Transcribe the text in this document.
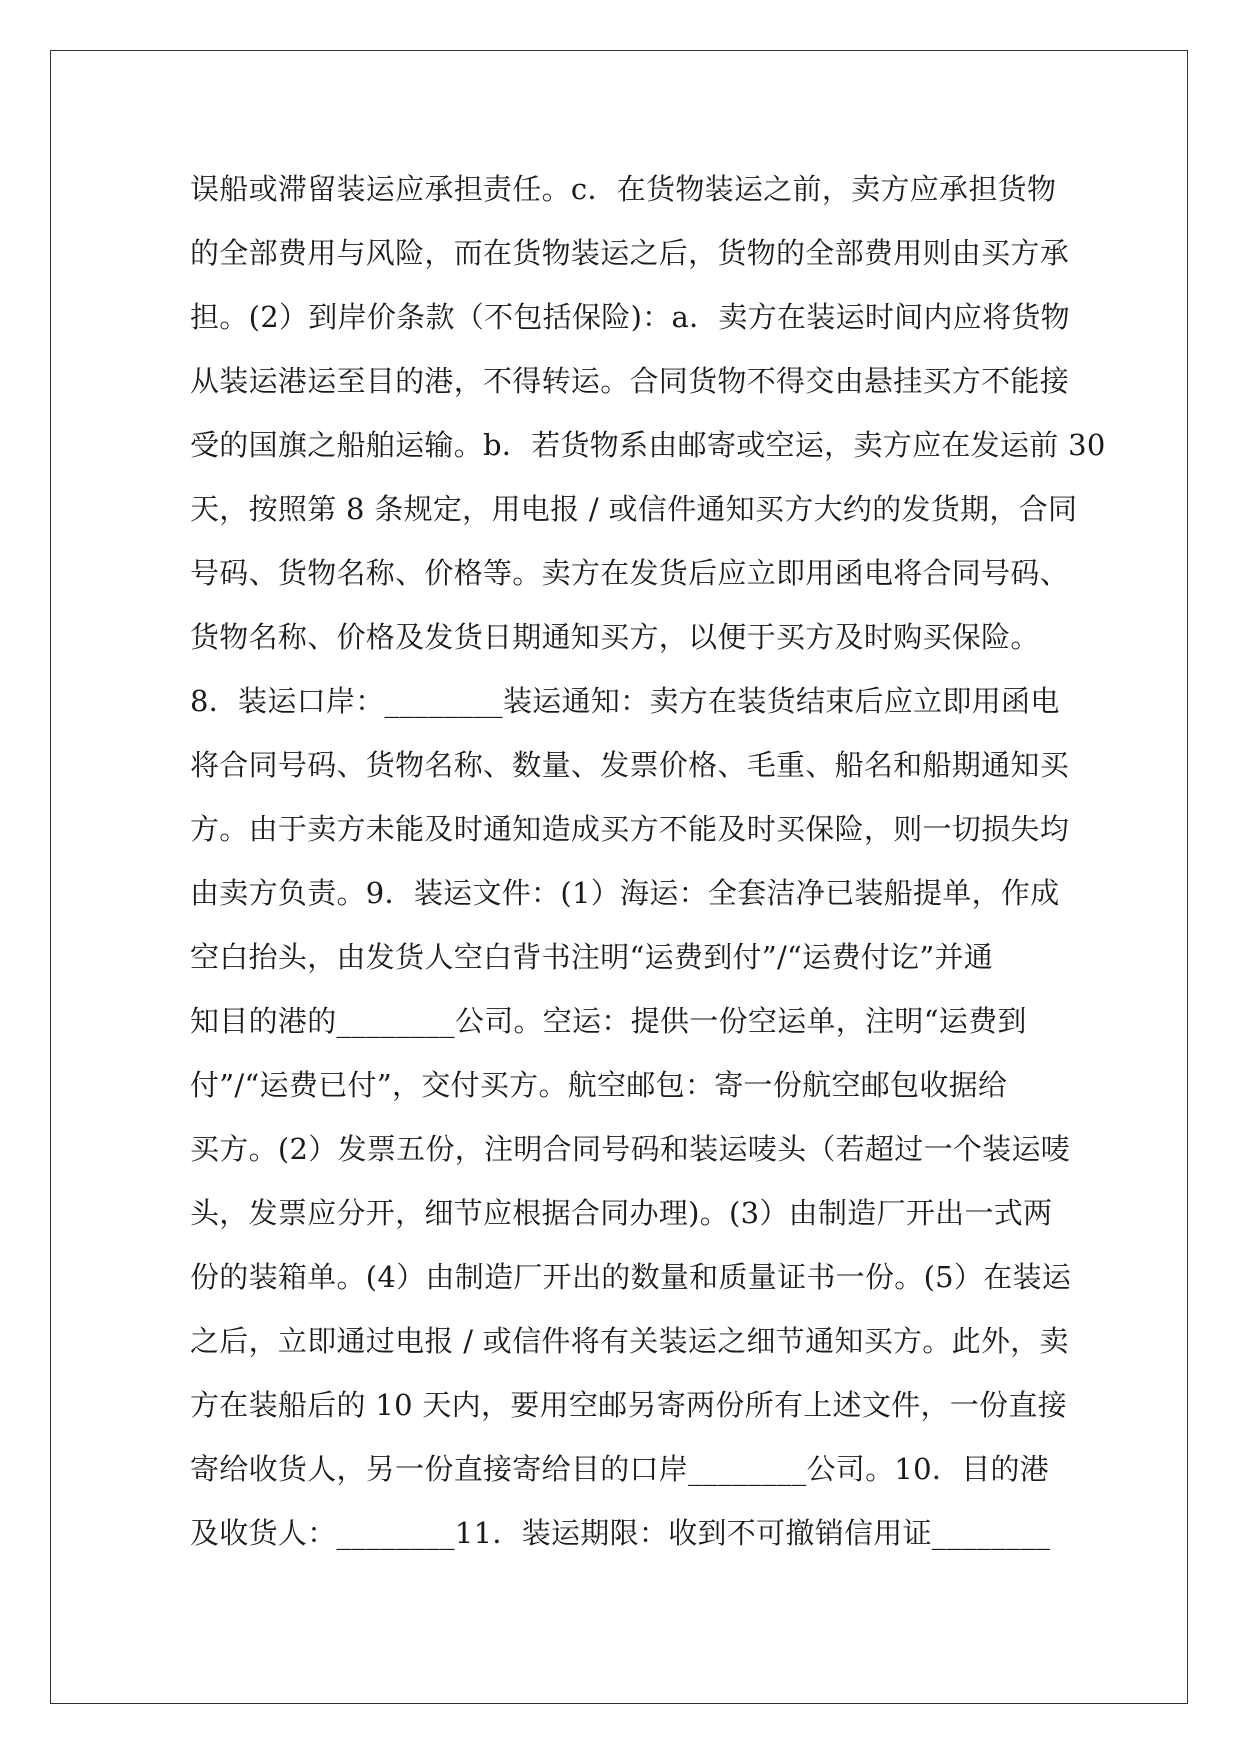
误船或滞留装运应承担责任。c．在货物装运之前，卖方应承担货物
的全部费用与风险，而在货物装运之后，货物的全部费用则由买方承
担。(2）到岸价条款（不包括保险)：a．卖方在装运时间内应将货物
从装运港运至目的港，不得转运。合同货物不得交由悬挂买方不能接
受的国旗之船舶运输。b．若货物系由邮寄或空运，卖方应在发运前 30
天，按照第 8 条规定，用电报 / 或信件通知买方大约的发货期，合同
号码、货物名称、价格等。卖方在发货后应立即用函电将合同号码、
货物名称、价格及发货日期通知买方，以便于买方及时购买保险。
8．装运口岸：________装运通知：卖方在装货结束后应立即用函电
将合同号码、货物名称、数量、发票价格、毛重、船名和船期通知买
方。由于卖方未能及时通知造成买方不能及时买保险，则一切损失均
由卖方负责。9．装运文件：(1）海运：全套洁净已装船提单，作成
空白抬头，由发货人空白背书注明“运费到付”/“运费付讫”并通
知目的港的________公司。空运：提供一份空运单，注明“运费到
付”/“运费已付”，交付买方。航空邮包：寄一份航空邮包收据给
买方。(2）发票五份，注明合同号码和装运唛头（若超过一个装运唛
头，发票应分开，细节应根据合同办理)。(3）由制造厂开出一式两
份的装箱单。(4）由制造厂开出的数量和质量证书一份。(5）在装运
之后，立即通过电报 / 或信件将有关装运之细节通知买方。此外，卖
方在装船后的 10 天内，要用空邮另寄两份所有上述文件，一份直接
寄给收货人，另一份直接寄给目的口岸________公司。10．目的港
及收货人：________11．装运期限：收到不可撤销信用证________
